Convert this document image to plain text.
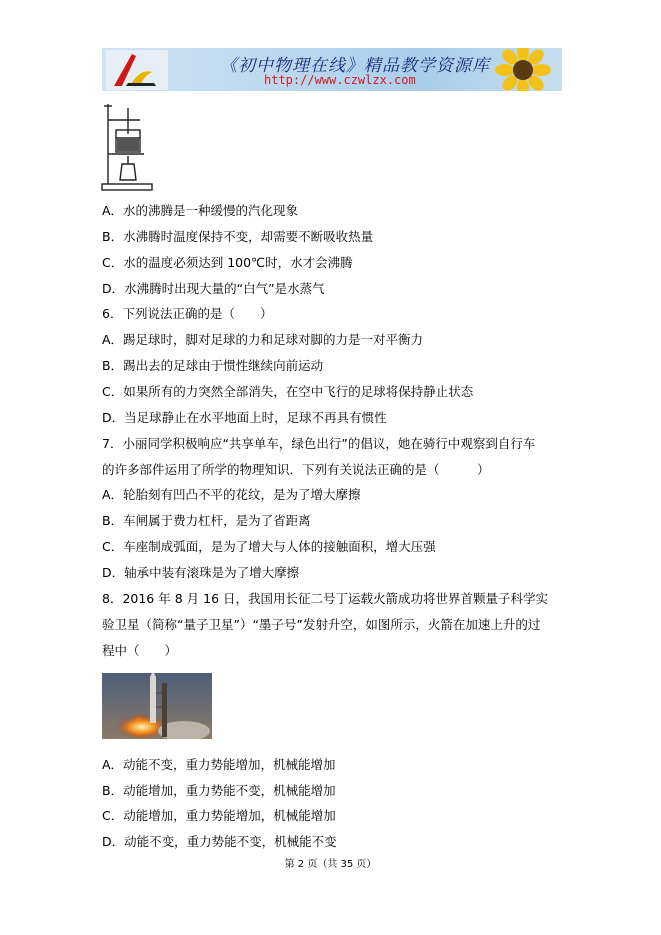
《初中物理在线》精品教学资源库
http://www.czwlzx.com
A．水的沸腾是一种缓慢的汽化现象
B．水沸腾时温度保持不变，却需要不断吸收热量
C．水的温度必须达到 100℃时，水才会沸腾
D．水沸腾时出现大量的“白气”是水蒸气
6．下列说法正确的是（　　）
A．踢足球时，脚对足球的力和足球对脚的力是一对平衡力
B．踢出去的足球由于惯性继续向前运动
C．如果所有的力突然全部消失，在空中飞行的足球将保持静止状态
D．当足球静止在水平地面上时，足球不再具有惯性
7．小丽同学积极响应“共享单车，绿色出行”的倡议，她在骑行中观察到自行车
的许多部件运用了所学的物理知识．下列有关说法正确的是（　　　）
A．轮胎刻有凹凸不平的花纹，是为了增大摩擦
B．车闸属于费力杠杆，是为了省距离
C．车座制成弧面，是为了增大与人体的接触面积，增大压强
D．轴承中装有滚珠是为了增大摩擦
8．2016 年 8 月 16 日，我国用长征二号丁运载火箭成功将世界首颗量子科学实
验卫星（简称“量子卫星”）“墨子号”发射升空，如图所示，火箭在加速上升的过
程中（　　）
A．动能不变，重力势能增加，机械能增加
B．动能增加，重力势能不变，机械能增加
C．动能增加，重力势能增加，机械能增加
D．动能不变，重力势能不变，机械能不变
第 2 页（共 35 页）
